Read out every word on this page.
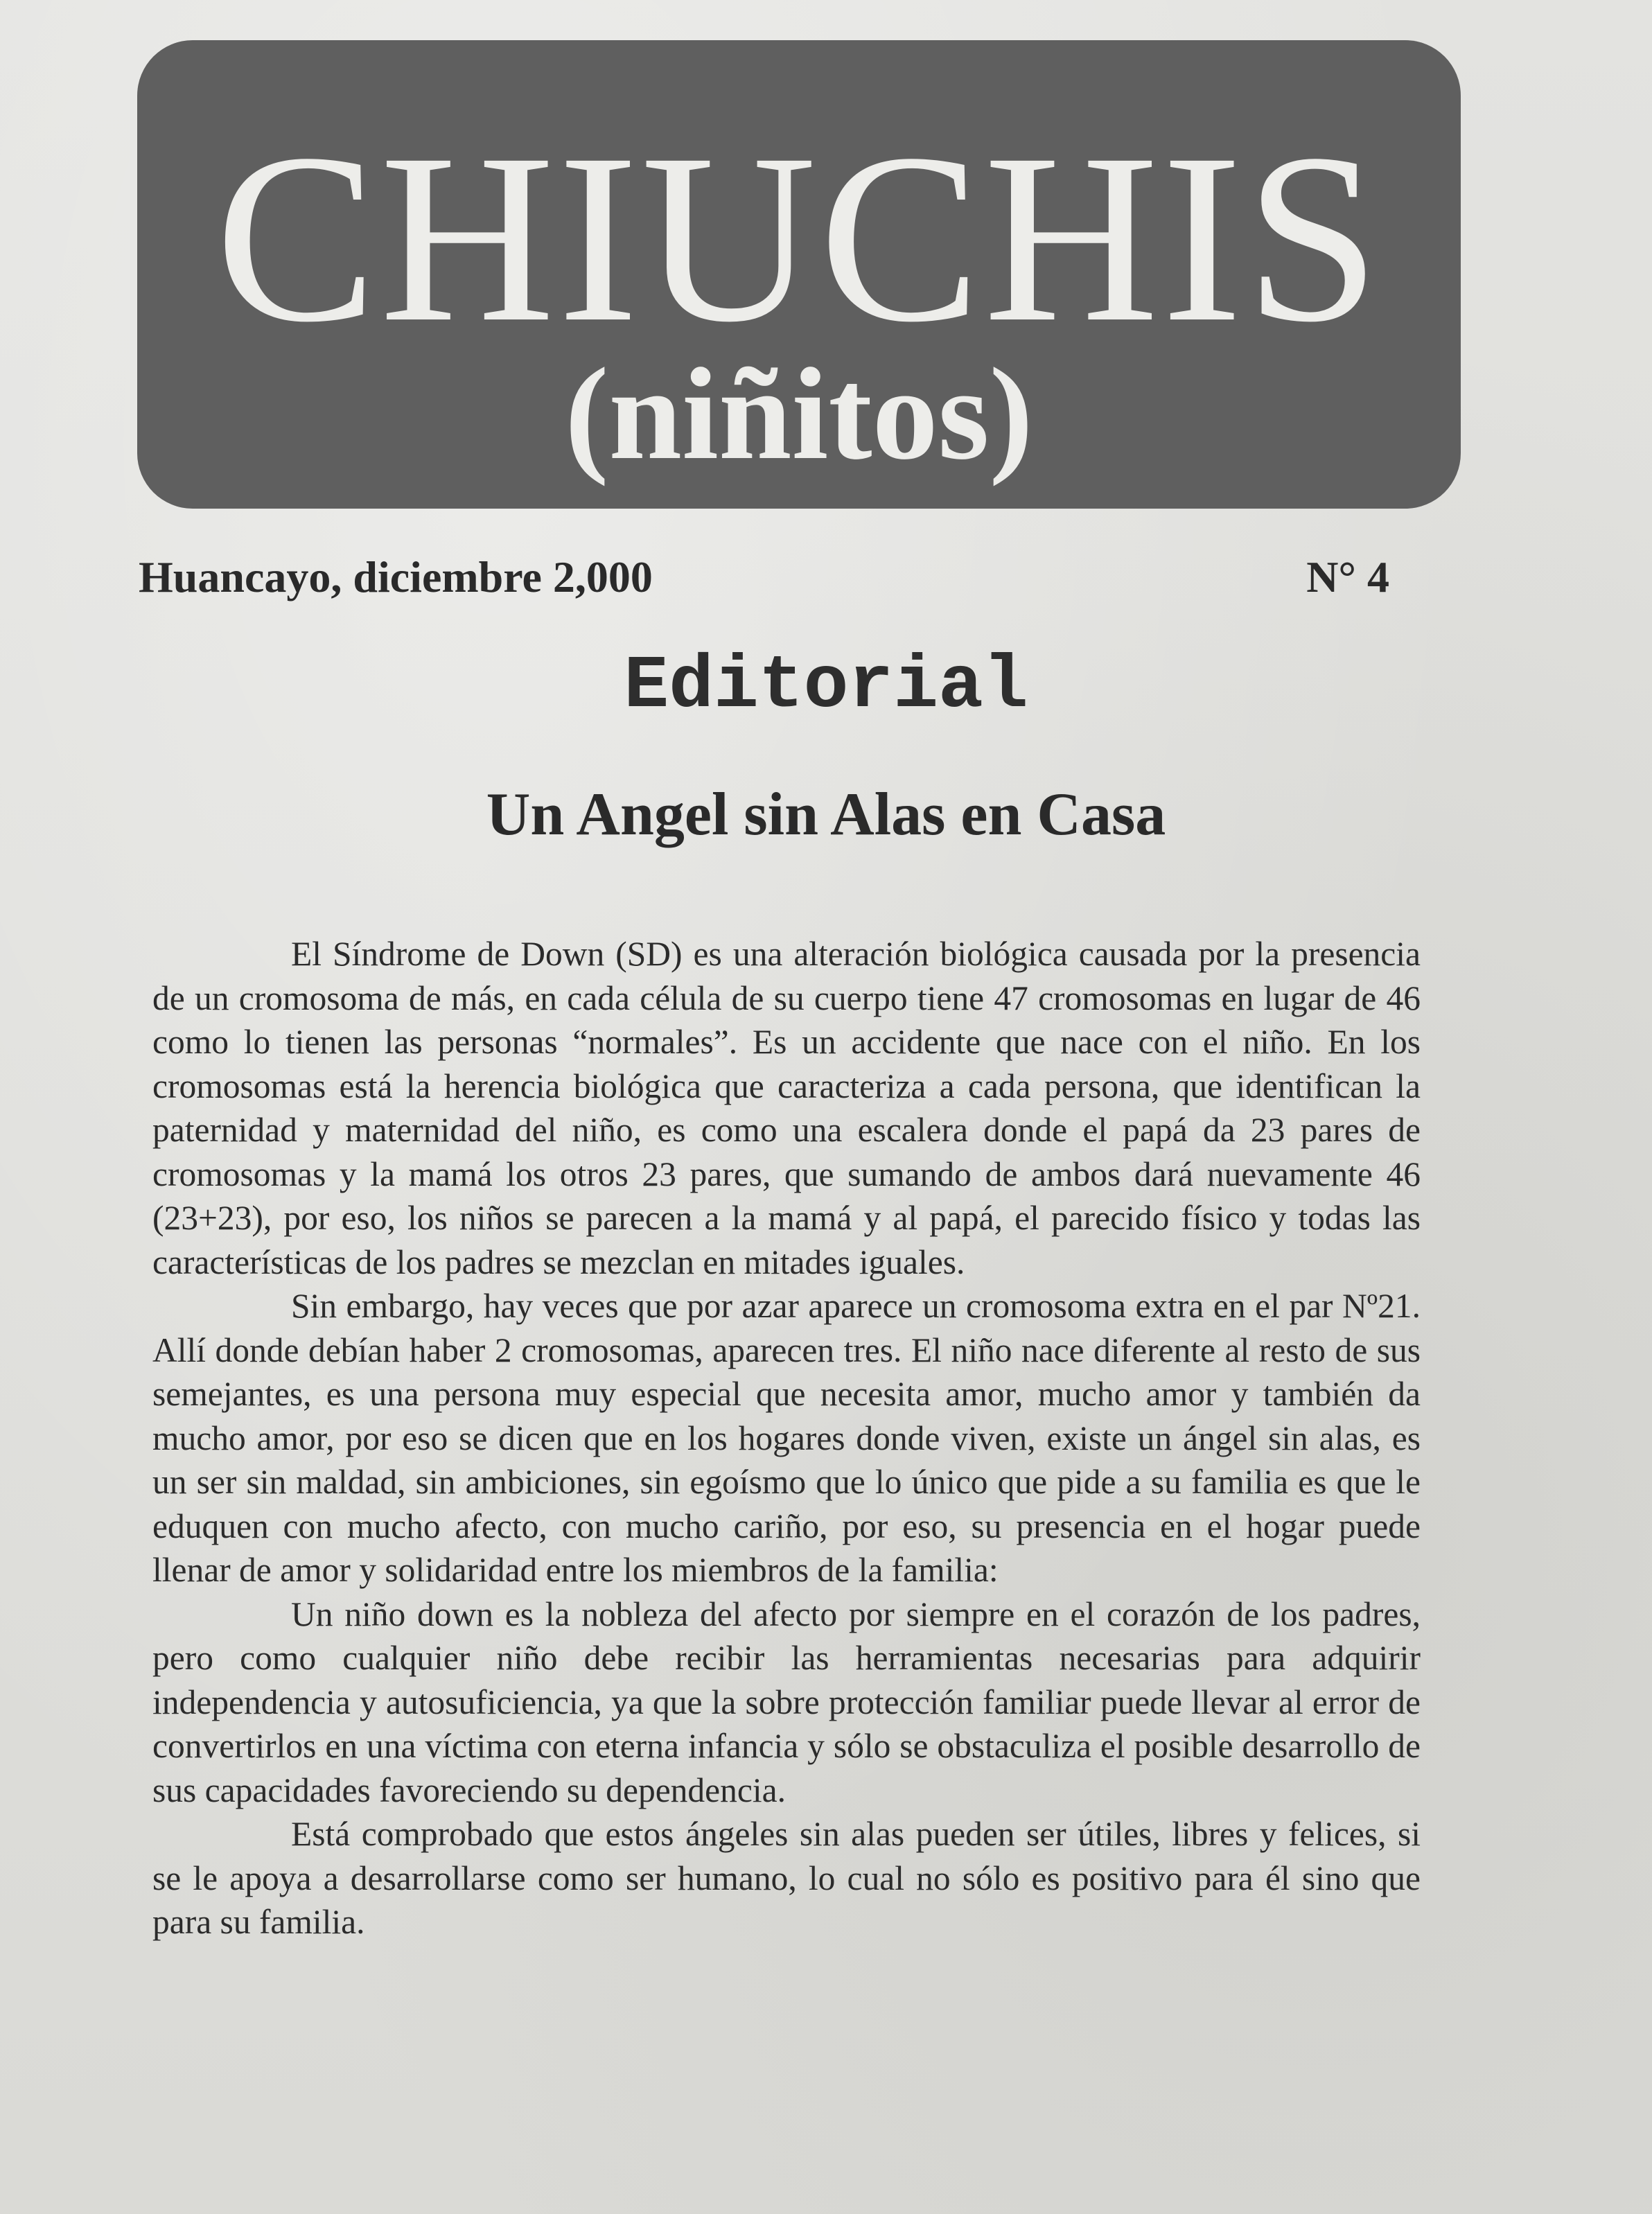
CHIUCHIS
(niñitos)
Huancayo, diciembre 2,000	N° 4
Editorial
Un Angel sin Alas en Casa

El Síndrome de Down (SD) es una alteración biológica causada por la presencia de un cromosoma de más, en cada célula de su cuerpo tiene 47 cromosomas en lugar de 46 como lo tienen las personas “normales”. Es un accidente que nace con el niño. En los cromosomas está la herencia biológica que caracteriza a cada persona, que identifican la paternidad y maternidad del niño, es como una escalera donde el papá da 23 pares de cromosomas y la mamá los otros 23 pares, que sumando de ambos dará nuevamente 46 (23+23), por eso, los niños se parecen a la mamá y al papá, el parecido físico y todas las características de los padres se mezclan en mitades iguales.

Sin embargo, hay veces que por azar aparece un cromosoma extra en el par Nº21. Allí donde debían haber 2 cromosomas, aparecen tres. El niño nace diferente al resto de sus semejantes, es una persona muy especial que necesita amor, mucho amor y también da mucho amor, por eso se dicen que en los hogares donde viven, existe un ángel sin alas, es un ser sin maldad, sin ambiciones, sin egoísmo que lo único que pide a su familia es que le eduquen con mucho afecto, con mucho cariño, por eso, su presencia en el hogar puede llenar de amor y solidaridad entre los miembros de la familia:

Un niño down es la nobleza del afecto por siempre en el corazón de los padres, pero como cualquier niño debe recibir las herramientas necesarias para adquirir independencia y autosuficiencia, ya que la sobre protección familiar puede llevar al error de convertirlos en una víctima con eterna infancia y sólo se obstaculiza el posible desarrollo de sus capacidades favoreciendo su dependencia.

Está comprobado que estos ángeles sin alas pueden ser útiles, libres y felices, si se le apoya a desarrollarse como ser humano, lo cual no sólo es positivo para él sino que para su familia.
